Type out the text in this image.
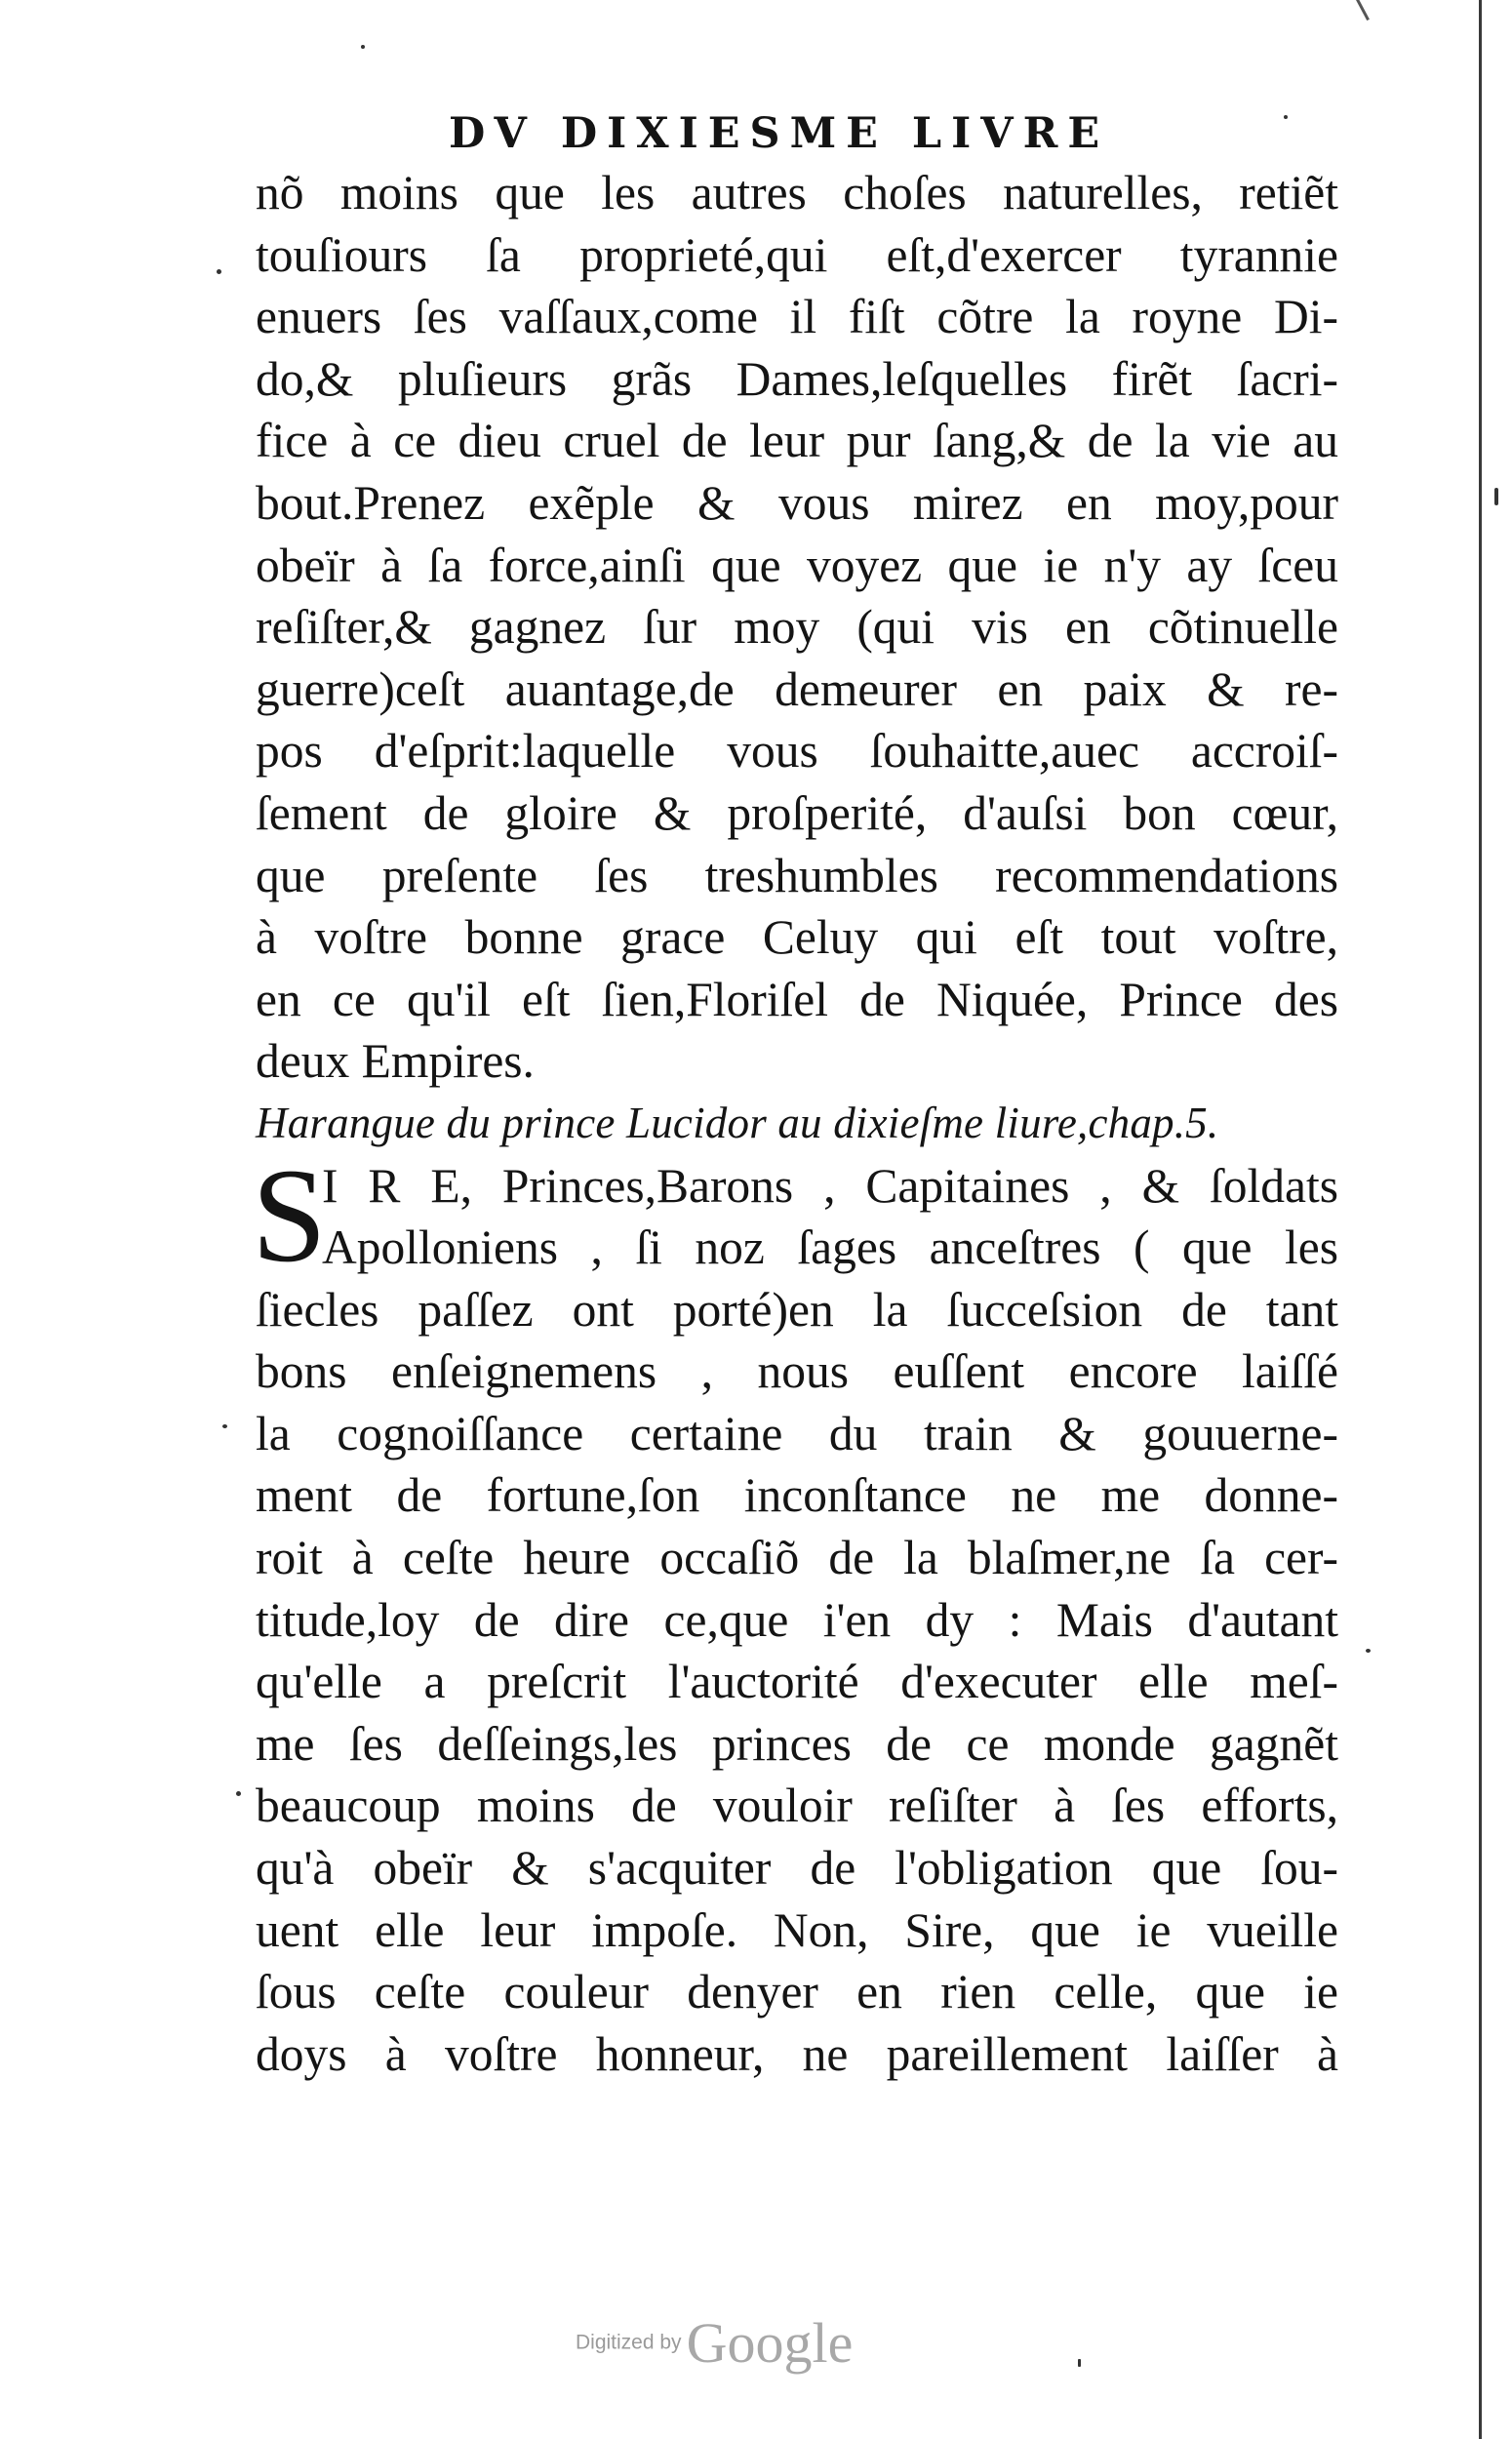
DV DIXIESME LIVRE
nõ moins que les autres choſes naturelles, retiẽt
touſiours ſa proprieté,qui eſt,d'exercer tyrannie
enuers ſes vaſſaux,come il fiſt cõtre la royne Di-
do,& pluſieurs grãs Dames,leſquelles firẽt ſacri-
fice à ce dieu cruel de leur pur ſang,& de la vie au
bout.Prenez exẽple & vous mirez en moy,pour
obeïr à ſa force,ainſi que voyez que ie n'y ay ſceu
reſiſter,& gagnez ſur moy (qui vis en cõtinuelle
guerre)ceſt auantage,de demeurer en paix & re-
pos d'eſprit:laquelle vous ſouhaitte,auec accroiſ-
ſement de gloire & proſperité, d'auſsi bon cœur,
que preſente ſes treshumbles recommendations
à voſtre bonne grace Celuy qui eſt tout voſtre,
en ce qu'il eſt ſien,Floriſel de Niquée, Prince des
deux Empires.
Harangue du prince Lucidor au dixieſme liure,chap.5.
S
I R E, Princes,Barons , Capitaines , & ſoldats
Apolloniens , ſi noz ſages anceſtres ( que les
ſiecles paſſez ont porté)en la ſucceſsion de tant
bons enſeignemens , nous euſſent encore laiſſé
la cognoiſſance certaine du train & gouuerne-
ment de fortune,ſon inconſtance ne me donne-
roit à ceſte heure occaſiõ de la blaſmer,ne ſa cer-
titude,loy de dire ce,que i'en dy : Mais d'autant
qu'elle a preſcrit l'auctorité d'executer elle meſ-
me ſes deſſeings,les princes de ce monde gagnẽt
beaucoup moins de vouloir reſiſter à ſes efforts,
qu'à obeïr & s'acquiter de l'obligation que ſou-
uent elle leur impoſe. Non, Sire, que ie vueille
ſous ceſte couleur denyer en rien celle, que ie
doys à voſtre honneur, ne pareillement laiſſer à
Digitized by Google
